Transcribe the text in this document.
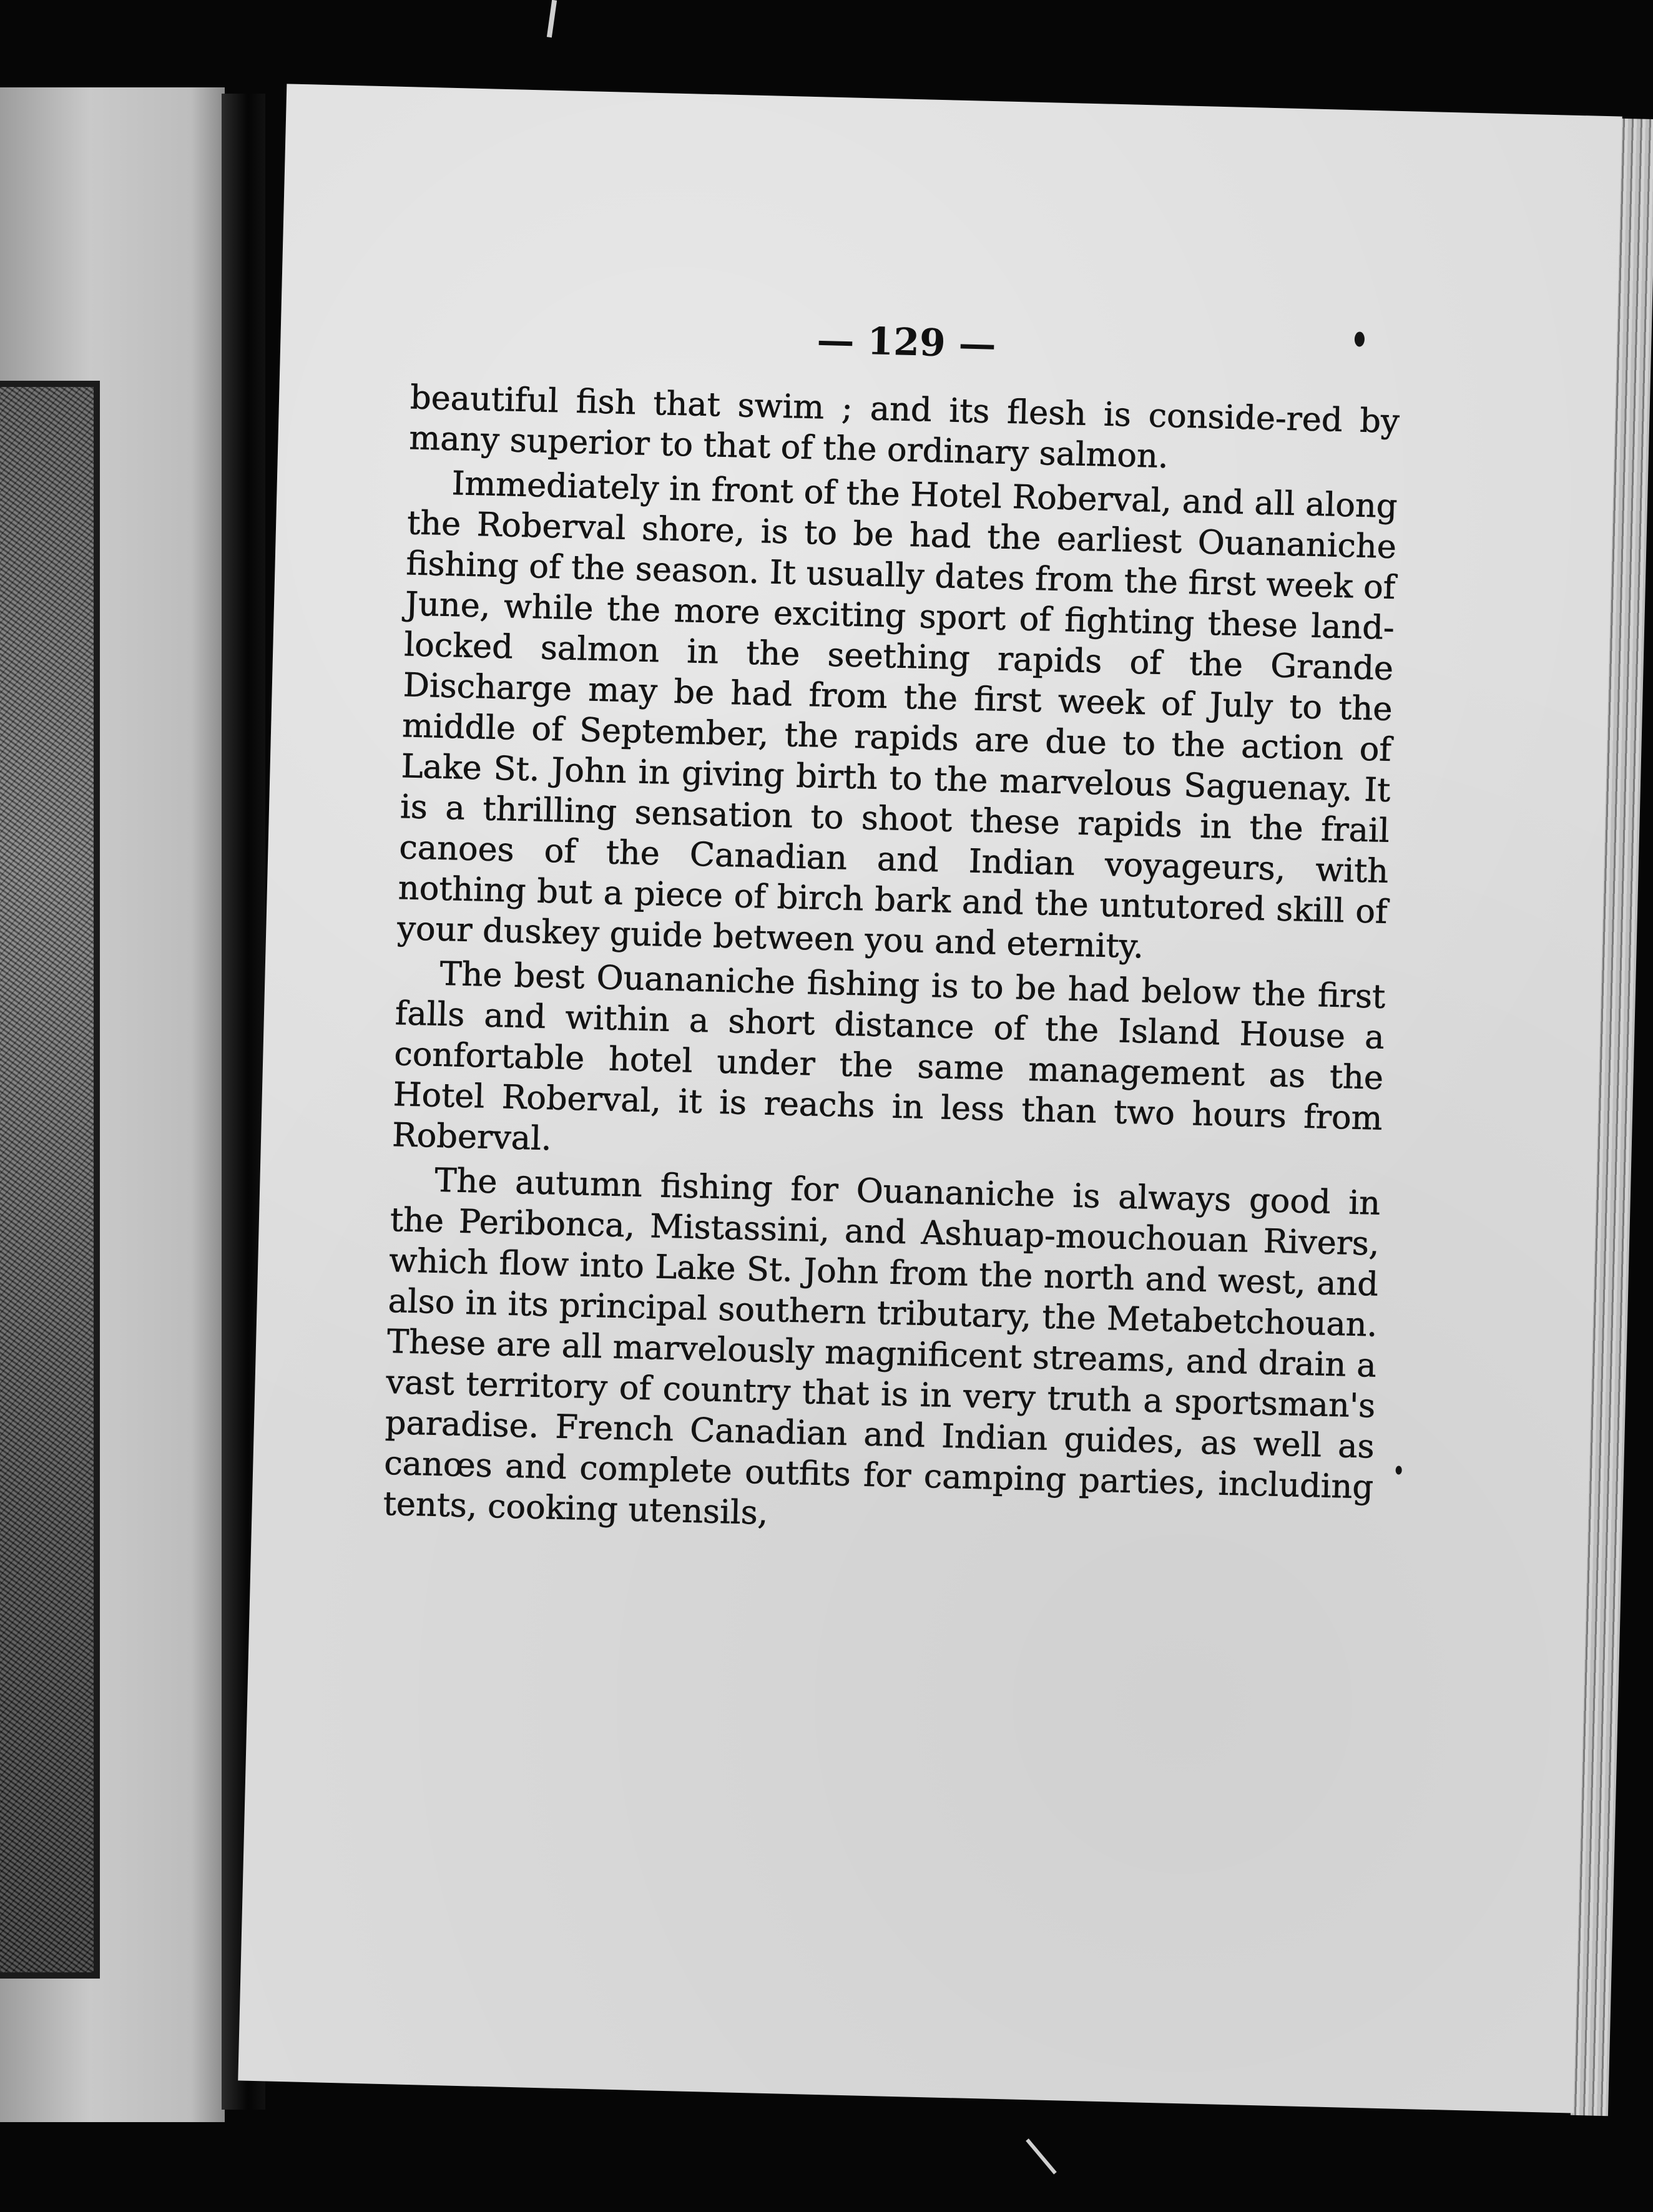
— 129 —

beautiful fish that swim ; and its flesh is conside-red by many superior to that of the ordinary salmon.

Immediately in front of the Hotel Roberval, and all along the Roberval shore, is to be had the earliest Ouananiche fishing of the season. It usually dates from the first week of June, while the more exciting sport of fighting these land-locked salmon in the seething rapids of the Grande Discharge may be had from the first week of July to the middle of September, the rapids are due to the action of Lake St. John in giving birth to the marvelous Saguenay. It is a thrilling sensation to shoot these rapids in the frail canoes of the Canadian and Indian voyageurs, with nothing but a piece of birch bark and the untutored skill of your duskey guide between you and eternity.

The best Ouananiche fishing is to be had below the first falls and within a short distance of the Island House a confortable hotel under the same management as the Hotel Roberval, it is reachs in less than two hours from Roberval.

The autumn fishing for Ouananiche is always good in the Peribonca, Mistassini, and Ashuap-mouchouan Rivers, which flow into Lake St. John from the north and west, and also in its principal southern tributary, the Metabetchouan. These are all marvelously magnificent streams, and drain a vast territory of country that is in very truth a sportsman's paradise. French Canadian and Indian guides, as well as canœs and complete outfits for camping parties, including tents, cooking utensils,
